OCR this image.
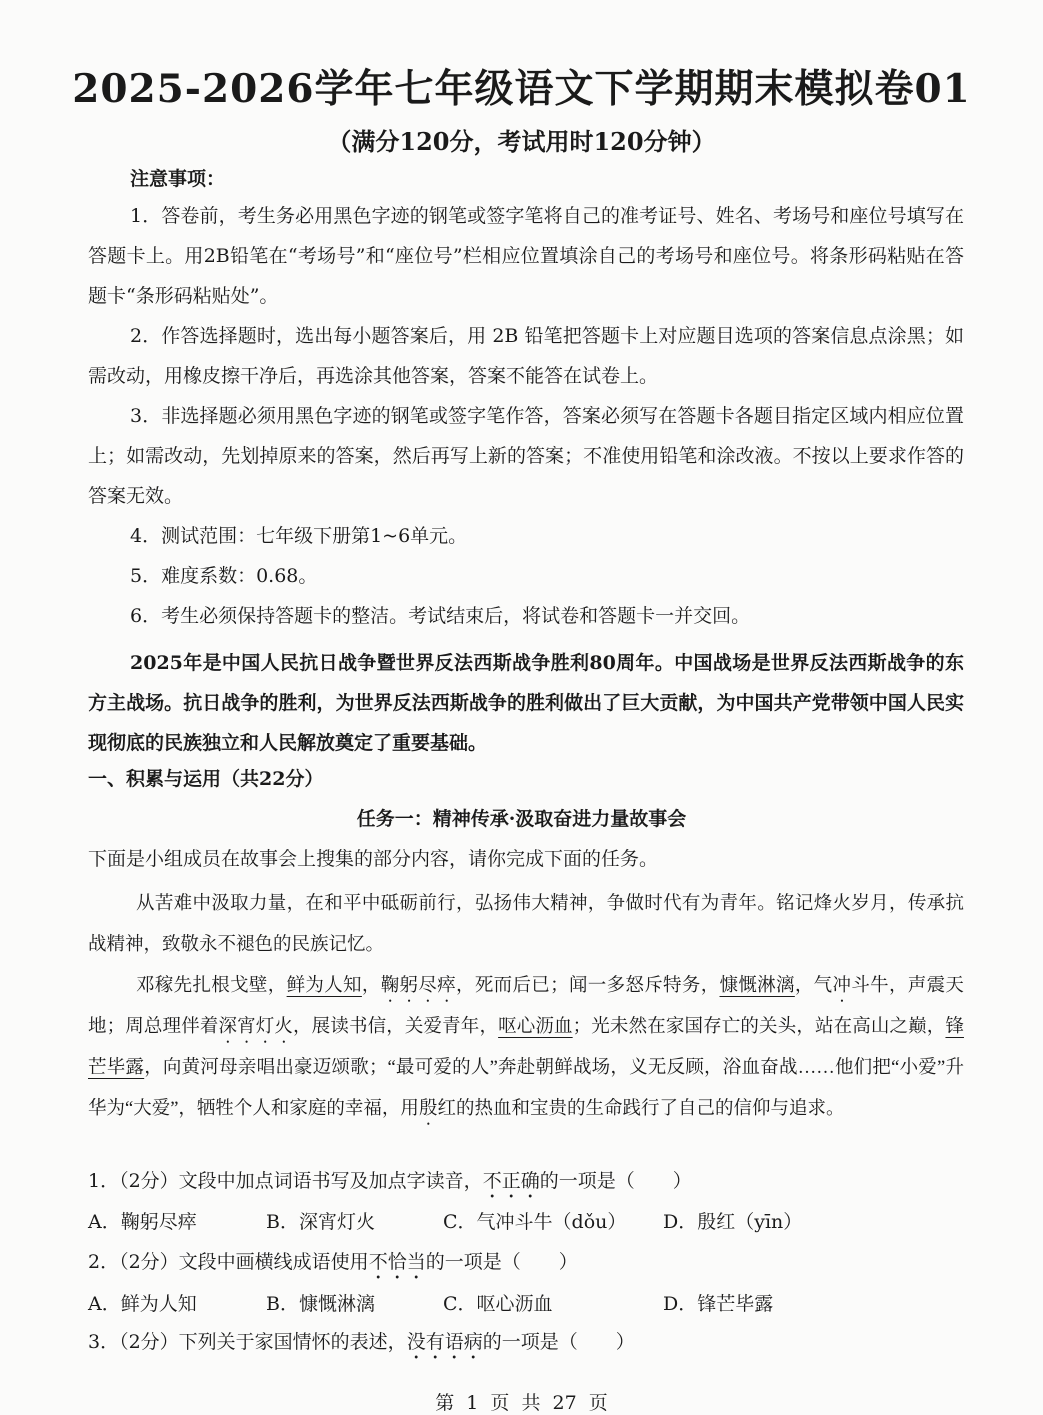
2025-2026学年七年级语文下学期期末模拟卷01
（满分120分，考试用时120分钟）
注意事项：

1．答卷前，考生务必用黑色字迹的钢笔或签字笔将自己的准考证号、姓名、考场号和座位号填写在答题卡上。用2B铅笔在“考场号”和“座位号”栏相应位置填涂自己的考场号和座位号。将条形码粘贴在答题卡“条形码粘贴处”。

2．作答选择题时，选出每小题答案后，用 2B 铅笔把答题卡上对应题目选项的答案信息点涂黑；如需改动，用橡皮擦干净后，再选涂其他答案，答案不能答在试卷上。

3．非选择题必须用黑色字迹的钢笔或签字笔作答，答案必须写在答题卡各题目指定区域内相应位置上；如需改动，先划掉原来的答案，然后再写上新的答案；不准使用铅笔和涂改液。不按以上要求作答的答案无效。

4．测试范围：七年级下册第1~6单元。

5．难度系数：0.68。

6．考生必须保持答题卡的整洁。考试结束后，将试卷和答题卡一并交回。

2025年是中国人民抗日战争暨世界反法西斯战争胜利80周年。中国战场是世界反法西斯战争的东方主战场。抗日战争的胜利，为世界反法西斯战争的胜利做出了巨大贡献，为中国共产党带领中国人民实现彻底的民族独立和人民解放奠定了重要基础。

一、积累与运用（共22分）
任务一：精神传承·汲取奋进力量故事会
下面是小组成员在故事会上搜集的部分内容，请你完成下面的任务。

从苦难中汲取力量，在和平中砥砺前行，弘扬伟大精神，争做时代有为青年。铭记烽火岁月，传承抗战精神，致敬永不褪色的民族记忆。

邓稼先扎根戈壁，鲜为人知，鞠躬尽瘁，死而后已；闻一多怒斥特务，慷慨淋漓，气冲斗牛，声震天地；周总理伴着深宵灯火，展读书信，关爱青年，呕心沥血；光未然在家国存亡的关头，站在高山之巅，锋芒毕露，向黄河母亲唱出豪迈颂歌；“最可爱的人”奔赴朝鲜战场，义无反顾，浴血奋战……他们把“小爱”升华为“大爱”，牺牲个人和家庭的幸福，用殷红的热血和宝贵的生命践行了自己的信仰与追求。

1．（2分）文段中加点词语书写及加点字读音，不正确的一项是（　　）
A．鞠躬尽瘁	B．深宵灯火	C．气冲斗牛（dǒu） D．殷红（yīn）
2．（2分）文段中画横线成语使用不恰当的一项是（　　）
A．鲜为人知	B．慷慨淋漓	C．呕心沥血	D．锋芒毕露
3．（2分）下列关于家国情怀的表述，没有语病的一项是（　　）
第 1 页 共 27 页
